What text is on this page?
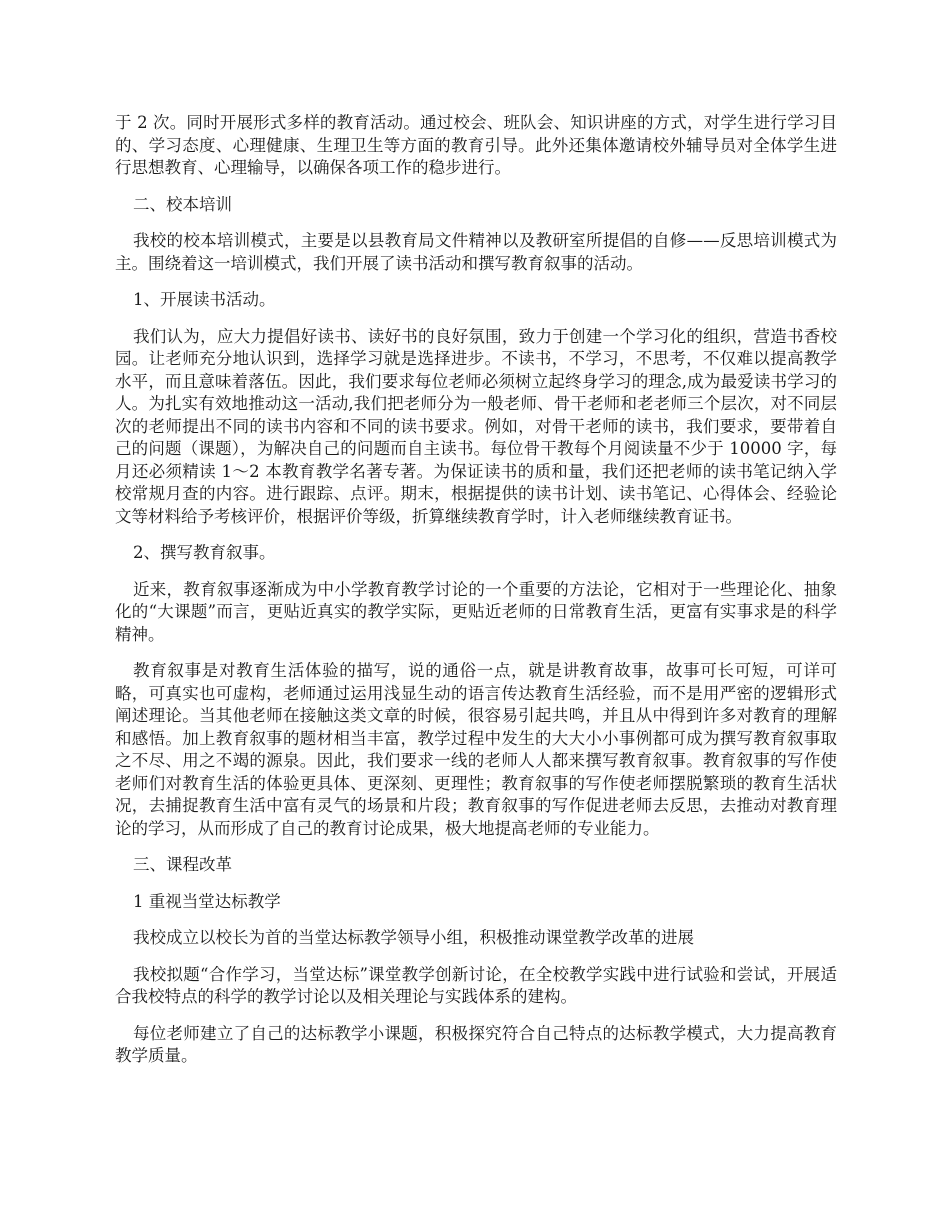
于 2 次。同时开展形式多样的教育活动。通过校会、班队会、知识讲座的方式，对学生进行学习目的、学习态度、心理健康、生理卫生等方面的教育引导。此外还集体邀请校外辅导员对全体学生进行思想教育、心理输导，以确保各项工作的稳步进行。

二、校本培训

我校的校本培训模式，主要是以县教育局文件精神以及教研室所提倡的自修——反思培训模式为主。围绕着这一培训模式，我们开展了读书活动和撰写教育叙事的活动。

1、开展读书活动。

我们认为，应大力提倡好读书、读好书的良好氛围，致力于创建一个学习化的组织，营造书香校园。让老师充分地认识到，选择学习就是选择进步。不读书，不学习，不思考，不仅难以提高教学水平，而且意味着落伍。因此，我们要求每位老师必须树立起终身学习的理念,成为最爱读书学习的人。为扎实有效地推动这一活动,我们把老师分为一般老师、骨干老师和老老师三个层次，对不同层次的老师提出不同的读书内容和不同的读书要求。例如，对骨干老师的读书，我们要求，要带着自己的问题（课题），为解决自己的问题而自主读书。每位骨干教每个月阅读量不少于 10000 字，每月还必须精读 1～2 本教育教学名著专著。为保证读书的质和量，我们还把老师的读书笔记纳入学校常规月查的内容。进行跟踪、点评。期末，根据提供的读书计划、读书笔记、心得体会、经验论文等材料给予考核评价，根据评价等级，折算继续教育学时，计入老师继续教育证书。

2、撰写教育叙事。

近来，教育叙事逐渐成为中小学教育教学讨论的一个重要的方法论，它相对于一些理论化、抽象化的“大课题”而言，更贴近真实的教学实际，更贴近老师的日常教育生活，更富有实事求是的科学精神。

教育叙事是对教育生活体验的描写，说的通俗一点，就是讲教育故事，故事可长可短，可详可略，可真实也可虚构，老师通过运用浅显生动的语言传达教育生活经验，而不是用严密的逻辑形式阐述理论。当其他老师在接触这类文章的时候，很容易引起共鸣，并且从中得到许多对教育的理解和感悟。加上教育叙事的题材相当丰富，教学过程中发生的大大小小事例都可成为撰写教育叙事取之不尽、用之不竭的源泉。因此，我们要求一线的老师人人都来撰写教育叙事。教育叙事的写作使老师们对教育生活的体验更具体、更深刻、更理性；教育叙事的写作使老师摆脱繁琐的教育生活状况，去捕捉教育生活中富有灵气的场景和片段；教育叙事的写作促进老师去反思，去推动对教育理论的学习，从而形成了自己的教育讨论成果，极大地提高老师的专业能力。

三、课程改革

1 重视当堂达标教学

我校成立以校长为首的当堂达标教学领导小组，积极推动课堂教学改革的进展

我校拟题“合作学习，当堂达标”课堂教学创新讨论，在全校教学实践中进行试验和尝试，开展适合我校特点的科学的教学讨论以及相关理论与实践体系的建构。

每位老师建立了自己的达标教学小课题，积极探究符合自己特点的达标教学模式，大力提高教育教学质量。
